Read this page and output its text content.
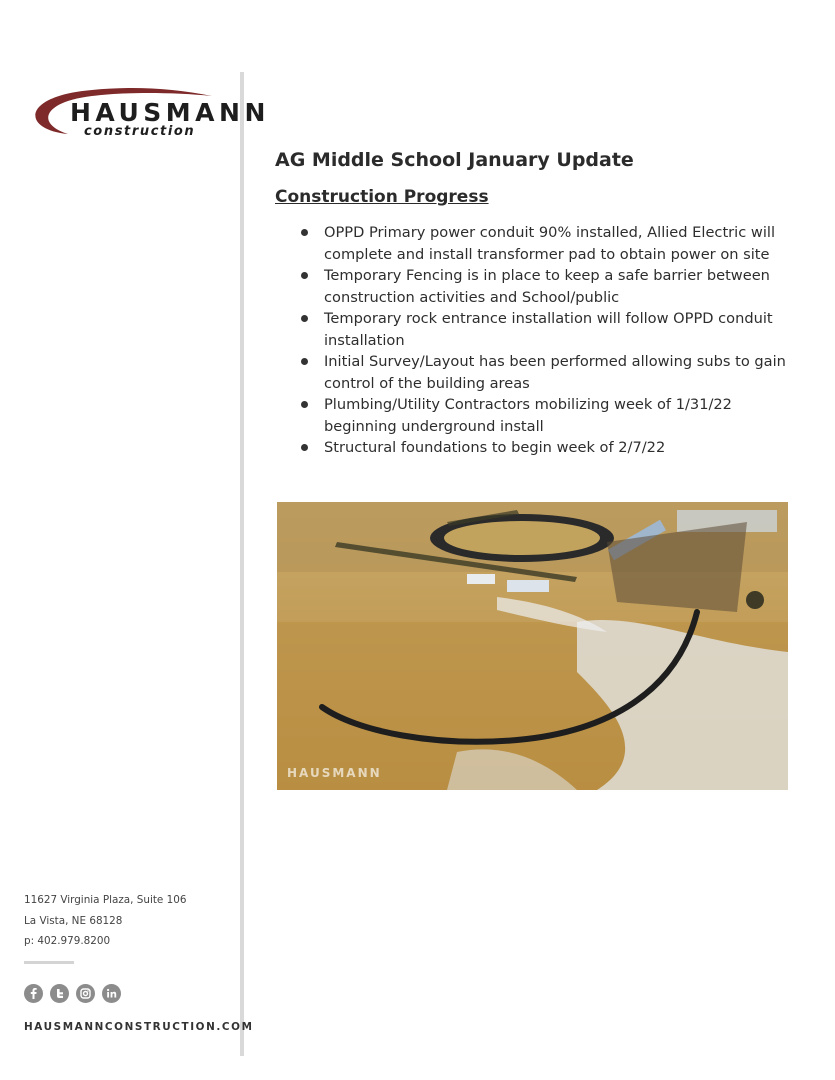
HAUSMANN
construction
AG Middle School January Update
Construction Progress
OPPD Primary power conduit 90% installed, Allied Electric will complete and install transformer pad to obtain power on site
Temporary Fencing is in place to keep a safe barrier between construction activities and School/public
Temporary rock entrance installation will follow OPPD conduit installation
Initial Survey/Layout has been performed allowing subs to gain control of the building areas
Plumbing/Utility Contractors mobilizing week of 1/31/22 beginning underground install
Structural foundations to begin week of 2/7/22
HAUSMANN
11627 Virginia Plaza, Suite 106
La Vista, NE 68128
p: 402.979.8200
HAUSMANNCONSTRUCTION.COM
